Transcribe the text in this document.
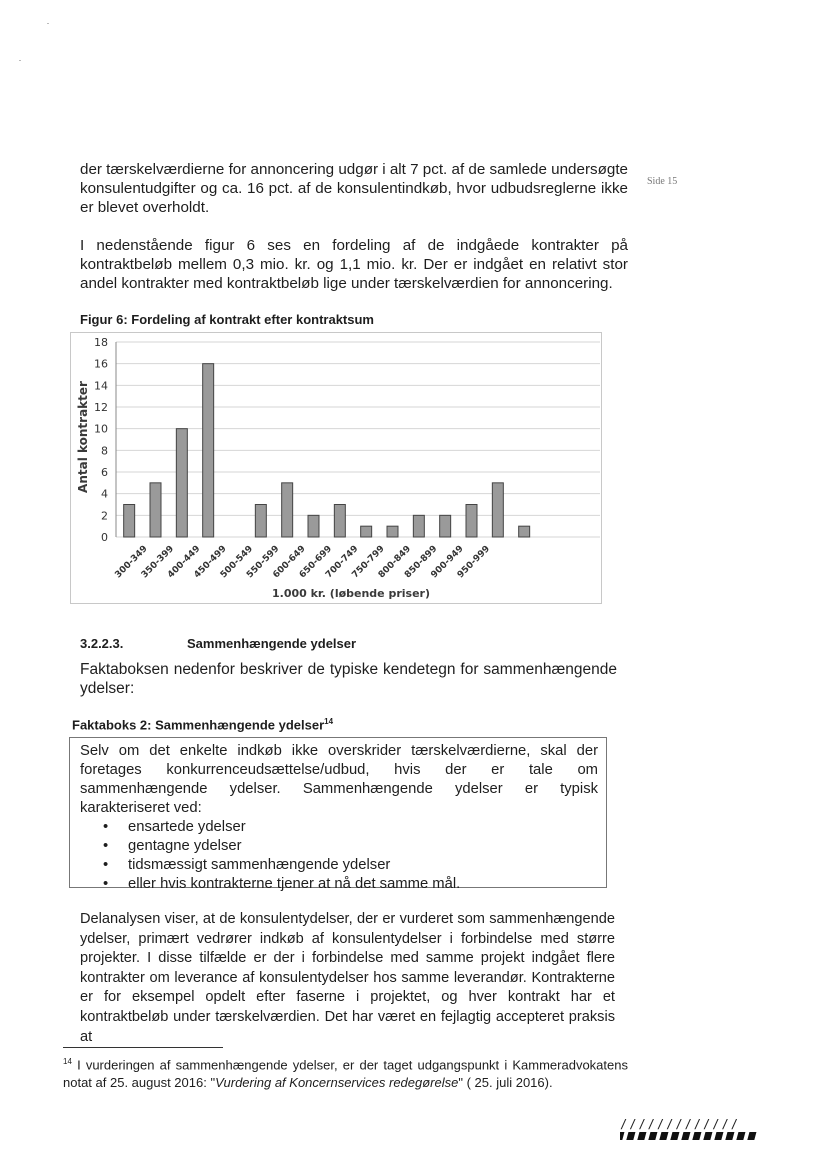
Side 15

der tærskelværdierne for annoncering udgør i alt 7 pct. af de samlede undersøgte konsulentudgifter og ca. 16 pct. af de konsulentindkøb, hvor udbudsreglerne ikke er blevet overholdt.

I nedenstående figur 6 ses en fordeling af de indgåede kontrakter på kontraktbeløb mellem 0,3 mio. kr. og 1,1 mio. kr. Der er indgået en relativt stor andel kontrakter med kontraktbeløb lige under tærskelværdien for annoncering.

Figur 6: Fordeling af kontrakt efter kontraktsum

0
2
4
6
8
10
12
14
16
18
300-349
350-399
400-449
450-499
500-549
550-599
600-649
650-699
700-749
750-799
800-849
850-899
900-949
950-999
Antal kontrakter
1.000 kr. (løbende priser)
3.2.2.3.	Sammenhængende ydelser

Faktaboksen nedenfor beskriver de typiske kendetegn for sammenhængende ydelser:

Faktaboks 2: Sammenhængende ydelser$^{14}$

Selv om det enkelte indkøb ikke overskrider tærskelværdierne, skal der foretages konkurrenceudsættelse/udbud, hvis der er tale om sammenhængende ydelser. Sammenhængende ydelser er typisk karakteriseret ved:

• ensartede ydelser
• gentagne ydelser
• tidsmæssigt sammenhængende ydelser
• eller hvis kontrakterne tjener at nå det samme mål.

Delanalysen viser, at de konsulentydelser, der er vurderet som sammenhængende ydelser, primært vedrører indkøb af konsulentydelser i forbindelse med større projekter. I disse tilfælde er der i forbindelse med samme projekt indgået flere kontrakter om leverance af konsulentydelser hos samme leverandør. Kontrakterne er for eksempel opdelt efter faserne i projektet, og hver kontrakt har et kontraktbeløb under tærskelværdien. Det har været en fejlagtig accepteret praksis at

$^{14}$ I vurderingen af sammenhængende ydelser, er der taget udgangspunkt i Kammeradvokatens notat af 25. august 2016: "Vurdering af Koncernservices redegørelse" ( 25. juli 2016).

/////////////
